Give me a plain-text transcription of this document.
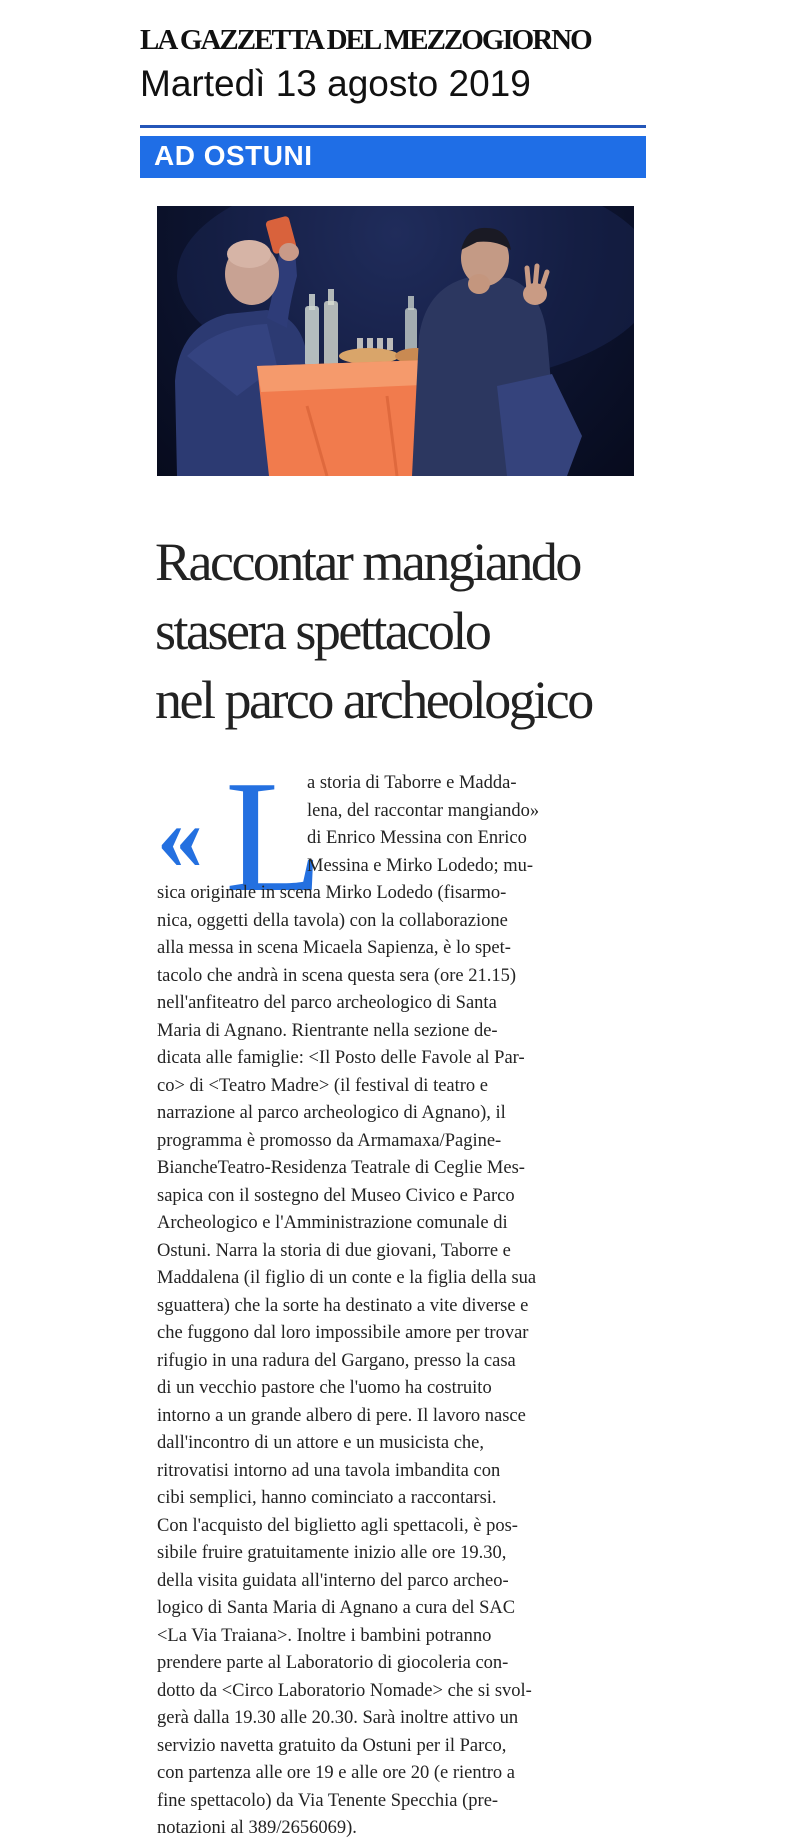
LA GAZZETTA DEL MEZZOGIORNO
Martedì 13 agosto 2019
AD OSTUNI
Raccontar mangiando
stasera spettacolo
nel parco archeologico
« L
a storia di Taborre e Madda-
lena, del raccontar mangiando»
di Enrico Messina con Enrico
Messina e Mirko Lodedo; mu-
sica originale in scena Mirko Lodedo (fisarmo-
nica, oggetti della tavola) con la collaborazione
alla messa in scena Micaela Sapienza, è lo spet-
tacolo che andrà in scena questa sera (ore 21.15)
nell'anfiteatro del parco archeologico di Santa
Maria di Agnano. Rientrante nella sezione de-
dicata alle famiglie: <Il Posto delle Favole al Par-
co> di <Teatro Madre> (il festival di teatro e
narrazione al parco archeologico di Agnano), il
programma è promosso da Armamaxa/Pagine-
BiancheTeatro-Residenza Teatrale di Ceglie Mes-
sapica con il sostegno del Museo Civico e Parco
Archeologico e l'Amministrazione comunale di
Ostuni. Narra la storia di due giovani, Taborre e
Maddalena (il figlio di un conte e la figlia della sua
sguattera) che la sorte ha destinato a vite diverse e
che fuggono dal loro impossibile amore per trovar
rifugio in una radura del Gargano, presso la casa
di un vecchio pastore che l'uomo ha costruito
intorno a un grande albero di pere. Il lavoro nasce
dall'incontro di un attore e un musicista che,
ritrovatisi intorno ad una tavola imbandita con
cibi semplici, hanno cominciato a raccontarsi.
Con l'acquisto del biglietto agli spettacoli, è pos-
sibile fruire gratuitamente inizio alle ore 19.30,
della visita guidata all'interno del parco archeo-
logico di Santa Maria di Agnano a cura del SAC
<La Via Traiana>. Inoltre i bambini potranno
prendere parte al Laboratorio di giocoleria con-
dotto da <Circo Laboratorio Nomade> che si svol-
gerà dalla 19.30 alle 20.30. Sarà inoltre attivo un
servizio navetta gratuito da Ostuni per il Parco,
con partenza alle ore 19 e alle ore 20 (e rientro a
fine spettacolo) da Via Tenente Specchia (pre-
notazioni al 389/2656069).
